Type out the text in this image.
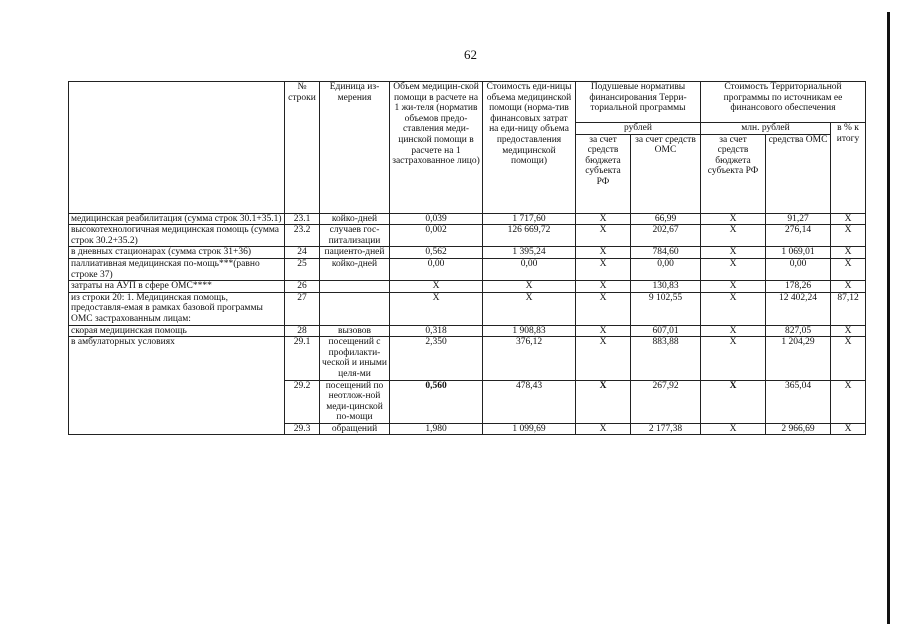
62
	№ строки	Единица из-мерения	Объем медицин-ской помощи в расчете на 1 жи-теля (норматив объемов предо-ставления меди-цинской помощи в расчете на 1 застрахованное лицо)	Стоимость еди-ницы объема медицинской помощи (норма-тив финансовых затрат на еди-ницу объема предоставления медицинской помощи)	Подушевые нормативы финансирования Терри-ториальной программы		Стоимость Территориальной программы по источникам ее финансового обеспечения		
					рублей		млн. рублей		в % к итогу
					за счет средств бюджета субъекта РФ	за счет средств ОМС	за счет средств бюджета субъекта РФ	средства ОМС	
медицинская реабилитация (сумма строк 30.1+35.1)	23.1	койко-дней	0,039	1 717,60	X	66,99	X	91,27	X
высокотехнологичная медицинская помощь (сумма строк 30.2+35.2)	23.2	случаев гос-питализации	0,002	126 669,72	X	202,67	X	276,14	X
в дневных стационарах (сумма строк 31+36)	24	пациенто-дней	0,562	1 395,24	X	784,60	X	1 069,01	X
паллиативная медицинская по-мощь***(равно строке 37)	25	койко-дней	0,00	0,00	X	0,00	X	0,00	X
затраты на АУП в сфере ОМС****	26		X	X	X	130,83	X	178,26	X
из строки 20: 1. Медицинская помощь, предоставля-емая в рамках базовой программы ОМС застрахованным лицам:	27		X	X	X	9 102,55	X	12 402,24	87,12
скорая медицинская помощь	28	вызовов	0,318	1 908,83	X	607,01	X	827,05	X
в амбулаторных условиях	29.1	посещений с профилакти-ческой и иными целя-ми	2,350	376,12	X	883,88	X	1 204,29	X
	29.2	посещений по неотлож-ной меди-цинской по-мощи	0,560	478,43	X	267,92	X	365,04	X
	29.3	обращений	1,980	1 099,69	X	2 177,38	X	2 966,69	X
